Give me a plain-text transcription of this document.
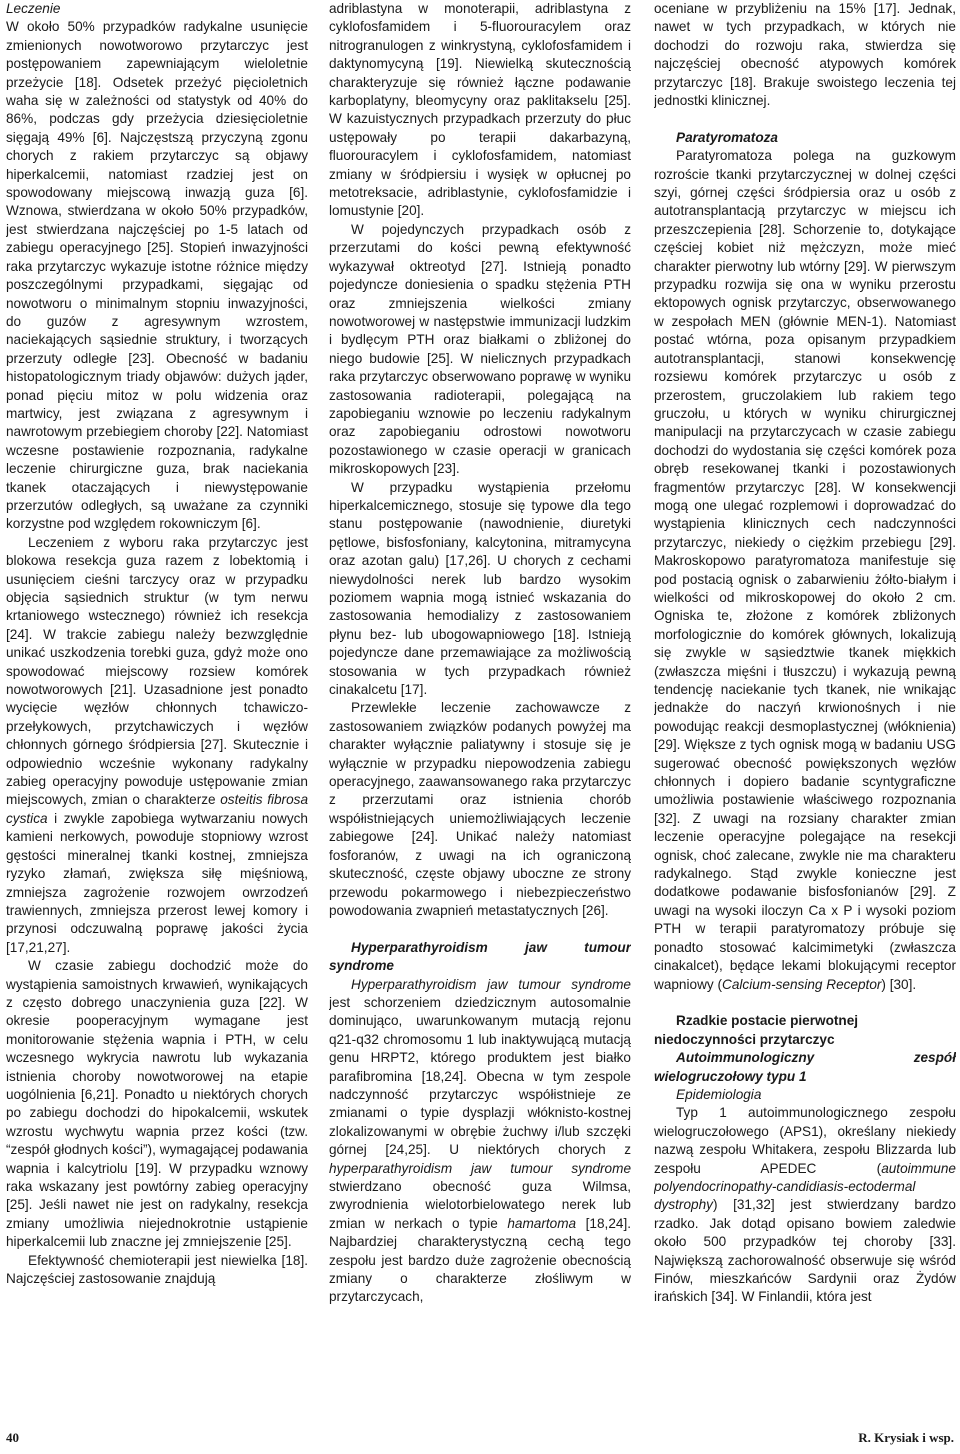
Leczenie

W około 50% przypadków radykalne usunięcie zmienionych nowotworowo przytarczyc jest postępowaniem zapewniającym wieloletnie przeżycie [18]. Odsetek przeżyć pięcioletnich waha się w zależności od statystyk od 40% do 86%, podczas gdy przeżycia dziesięcioletnie sięgają 49% [6]. Najczęstszą przyczyną zgonu chorych z rakiem przytarczyc są objawy hiperkalcemii, natomiast rzadziej jest on spowodowany miejscową inwazją guza [6]. Wznowa, stwierdzana w około 50% przypadków, jest stwierdzana najczęściej po 1-5 latach od zabiegu operacyjnego [25]. Stopień inwazyjności raka przytarczyc wykazuje istotne różnice między poszczególnymi przypadkami, sięgając od nowotworu o minimalnym stopniu inwazyjności, do guzów z agresywnym wzrostem, naciekających sąsiednie struktury, i tworzących przerzuty odległe [23]. Obecność w badaniu histopatologicznym triady objawów: dużych jąder, ponad pięciu mitoz w polu widzenia oraz martwicy, jest związana z agresywnym i nawrotowym przebiegiem choroby [22]. Natomiast wczesne postawienie rozpoznania, radykalne leczenie chirurgiczne guza, brak naciekania tkanek otaczających i niewystępowanie przerzutów odległych, są uważane za czynniki korzystne pod względem rokowniczym [6].

Leczeniem z wyboru raka przytarczyc jest blokowa resekcja guza razem z lobektomią i usunięciem cieśni tarczycy oraz w przypadku objęcia sąsiednich struktur (w tym nerwu krtaniowego wstecznego) również ich resekcja [24]. W trakcie zabiegu należy bezwzględnie unikać uszkodzenia torebki guza, gdyż może ono spowodować miejscowy rozsiew komórek nowotworowych [21]. Uzasadnione jest ponadto wycięcie węzłów chłonnych tchawiczo-przełykowych, przytchawiczych i węzłów chłonnych górnego śródpiersia [27]. Skutecznie i odpowiednio wcześnie wykonany radykalny zabieg operacyjny powoduje ustępowanie zmian miejscowych, zmian o charakterze osteitis fibrosa cystica i zwykle zapobiega wytwarzaniu nowych kamieni nerkowych, powoduje stopniowy wzrost gęstości mineralnej tkanki kostnej, zmniejsza ryzyko złamań, zwiększa siłę mięśniową, zmniejsza zagrożenie rozwojem owrzodzeń trawiennych, zmniejsza przerost lewej komory i przynosi odczuwalną poprawę jakości życia [17,21,27].

W czasie zabiegu dochodzić może do wystąpienia samoistnych krwawień, wynikających z często dobrego unaczynienia guza [22]. W okresie pooperacyjnym wymagane jest monitorowanie stężenia wapnia i PTH, w celu wczesnego wykrycia nawrotu lub wykazania istnienia choroby nowotworowej na etapie uogólnienia [6,21]. Ponadto u niektórych chorych po zabiegu dochodzi do hipokalcemii, wskutek wzrostu wychwytu wapnia przez kości (tzw. “zespół głodnych kości”), wymagającej podawania wapnia i kalcytriolu [19]. W przypadku wznowy raka wskazany jest powtórny zabieg operacyjny [25]. Jeśli nawet nie jest on radykalny, resekcja zmiany umożliwia niejednokrotnie ustąpienie hiperkalcemii lub znaczne jej zmniejszenie [25].

Efektywność chemioterapii jest niewielka [18]. Najczęściej zastosowanie znajdują

adriblastyna w monoterapii, adriblastyna z cyklofosfamidem i 5-fluorouracylem oraz nitrogranulogen z winkrystyną, cyklofosfamidem i daktynomycyną [19]. Niewielką skutecznością charakteryzuje się również łączne podawanie karboplatyny, bleomycyny oraz paklitakselu [25]. W kazuistycznych przypadkach przerzuty do płuc ustępowały po terapii dakarbazyną, fluorouracylem i cyklofosfamidem, natomiast zmiany w śródpiersiu i wysięk w opłucnej po metotreksacie, adriblastynie, cyklofosfamidzie i lomustynie [20].

W pojedynczych przypadkach osób z przerzutami do kości pewną efektywność wykazywał oktreotyd [27]. Istnieją ponadto pojedyncze doniesienia o spadku stężenia PTH oraz zmniejszenia wielkości zmiany nowotworowej w następstwie immunizacji ludzkim i bydlęcym PTH oraz białkami o zbliżonej do niego budowie [25]. W nielicznych przypadkach raka przytarczyc obserwowano poprawę w wyniku zastosowania radioterapii, polegającą na zapobieganiu wznowie po leczeniu radykalnym oraz zapobieganiu odrostowi nowotworu pozostawionego w czasie operacji w granicach mikroskopowych [23].

W przypadku wystąpienia przełomu hiperkalcemicznego, stosuje się typowe dla tego stanu postępowanie (nawodnienie, diuretyki pętlowe, bisfosfoniany, kalcytonina, mitramycyna oraz azotan galu) [17,26]. U chorych z cechami niewydolności nerek lub bardzo wysokim poziomem wapnia mogą istnieć wskazania do zastosowania hemodializy z zastosowaniem płynu bez- lub ubogowapniowego [18]. Istnieją pojedyncze dane przemawiające za możliwością stosowania w tych przypadkach również cinakalcetu [17].

Przewlekłe leczenie zachowawcze z zastosowaniem związków podanych powyżej ma charakter wyłącznie paliatywny i stosuje się je wyłącznie w przypadku niepowodzenia zabiegu operacyjnego, zaawansowanego raka przytarczyc z przerzutami oraz istnienia chorób współistniejących uniemożliwiających leczenie zabiegowe [24]. Unikać należy natomiast fosforanów, z uwagi na ich ograniczoną skuteczność, częste objawy uboczne ze strony przewodu pokarmowego i niebezpieczeństwo powodowania zwapnień metastatycznych [26].

Hyperparathyroidism jaw tumour syndrome

Hyperparathyroidism jaw tumour syndrome jest schorzeniem dziedzicznym autosomalnie dominująco, uwarunkowanym mutacją rejonu q21-q32 chromosomu 1 lub inaktywującą mutacją genu HRPT2, którego produktem jest białko parafibromina [18,24]. Obecna w tym zespole nadczynność przytarczyc współistnieje ze zmianami o typie dysplazji włóknisto-kostnej zlokalizowanymi w obrębie żuchwy i/lub szczęki górnej [24,25]. U niektórych chorych z hyperparathyroidism jaw tumour syndrome stwierdzano obecność guza Wilmsa, zwyrodnienia wielotorbielowatego nerek lub zmian w nerkach o typie hamartoma [18,24]. Najbardziej charakterystyczną cechą tego zespołu jest bardzo duże zagrożenie obecnością zmiany o charakterze złośliwym w przytarczycach,

oceniane w przybliżeniu na 15% [17]. Jednak, nawet w tych przypadkach, w których nie dochodzi do rozwoju raka, stwierdza się najczęściej obecność atypowych komórek przytarczyc [18]. Brakuje swoistego leczenia tej jednostki klinicznej.

Paratyromatoza

Paratyromatoza polega na guzkowym rozroście tkanki przytarczycznej w dolnej części szyi, górnej części śródpiersia oraz u osób z autotransplantacją przytarczyc w miejscu ich przeszczepienia [28]. Schorzenie to, dotykające częściej kobiet niż mężczyzn, może mieć charakter pierwotny lub wtórny [29]. W pierwszym przypadku rozwija się ona w wyniku przerostu ektopowych ognisk przytarczyc, obserwowanego w zespołach MEN (głównie MEN-1). Natomiast postać wtórna, poza opisanym przypadkiem autotransplantacji, stanowi konsekwencję rozsiewu komórek przytarczyc u osób z przerostem, gruczolakiem lub rakiem tego gruczołu, u których w wyniku chirurgicznej manipulacji na przytarczycach w czasie zabiegu dochodzi do wydostania się części komórek poza obręb resekowanej tkanki i pozostawionych fragmentów przytarczyc [28]. W konsekwencji mogą one ulegać rozplemowi i doprowadzać do wystąpienia klinicznych cech nadczynności przytarczyc, niekiedy o ciężkim przebiegu [29]. Makroskopowo paratyromatoza manifestuje się pod postacią ognisk o zabarwieniu żółto-białym i wielkości od mikroskopowej do około 2 cm. Ogniska te, złożone z komórek zbliżonych morfologicznie do komórek głównych, lokalizują się zwykle w sąsiedztwie tkanek miękkich (zwłaszcza mięśni i tłuszczu) i wykazują pewną tendencję naciekanie tych tkanek, nie wnikając jednakże do naczyń krwionośnych i nie powodując reakcji desmoplastycznej (włóknienia) [29]. Większe z tych ognisk mogą w badaniu USG sugerować obecność powiększonych węzłów chłonnych i dopiero badanie scyntygraficzne umożliwia postawienie właściwego rozpoznania [32]. Z uwagi na rozsiany charakter zmian leczenie operacyjne polegające na resekcji ognisk, choć zalecane, zwykle nie ma charakteru radykalnego. Stąd zwykle konieczne jest dodatkowe podawanie bisfosfonianów [29]. Z uwagi na wysoki iloczyn Ca x P i wysoki poziom PTH w terapii paratyromatozy próbuje się ponadto stosować kalcimimetyki (zwłaszcza cinakalcet), będące lekami blokującymi receptor wapniowy (Calcium-sensing Receptor) [30].

Rzadkie postacie pierwotnej niedoczynności przytarczyc
Autoimmunologiczny zespół wielogruczołowy typu 1
Epidemiologia

Typ 1 autoimmunologicznego zespołu wielogruczołowego (APS1), określany niekiedy nazwą zespołu Whitakera, zespołu Blizzarda lub zespołu APEDEC (autoimmune polyendocrinopathy-candidiasis-ectodermal dystrophy) [31,32] jest stwierdzany bardzo rzadko. Jak dotąd opisano bowiem zaledwie około 500 przypadków tej choroby [33]. Największą zachorowalność obserwuje się wśród Finów, mieszkańców Sardynii oraz Żydów irańskich [34]. W Finlandii, która jest

40	R. Krysiak i wsp.
